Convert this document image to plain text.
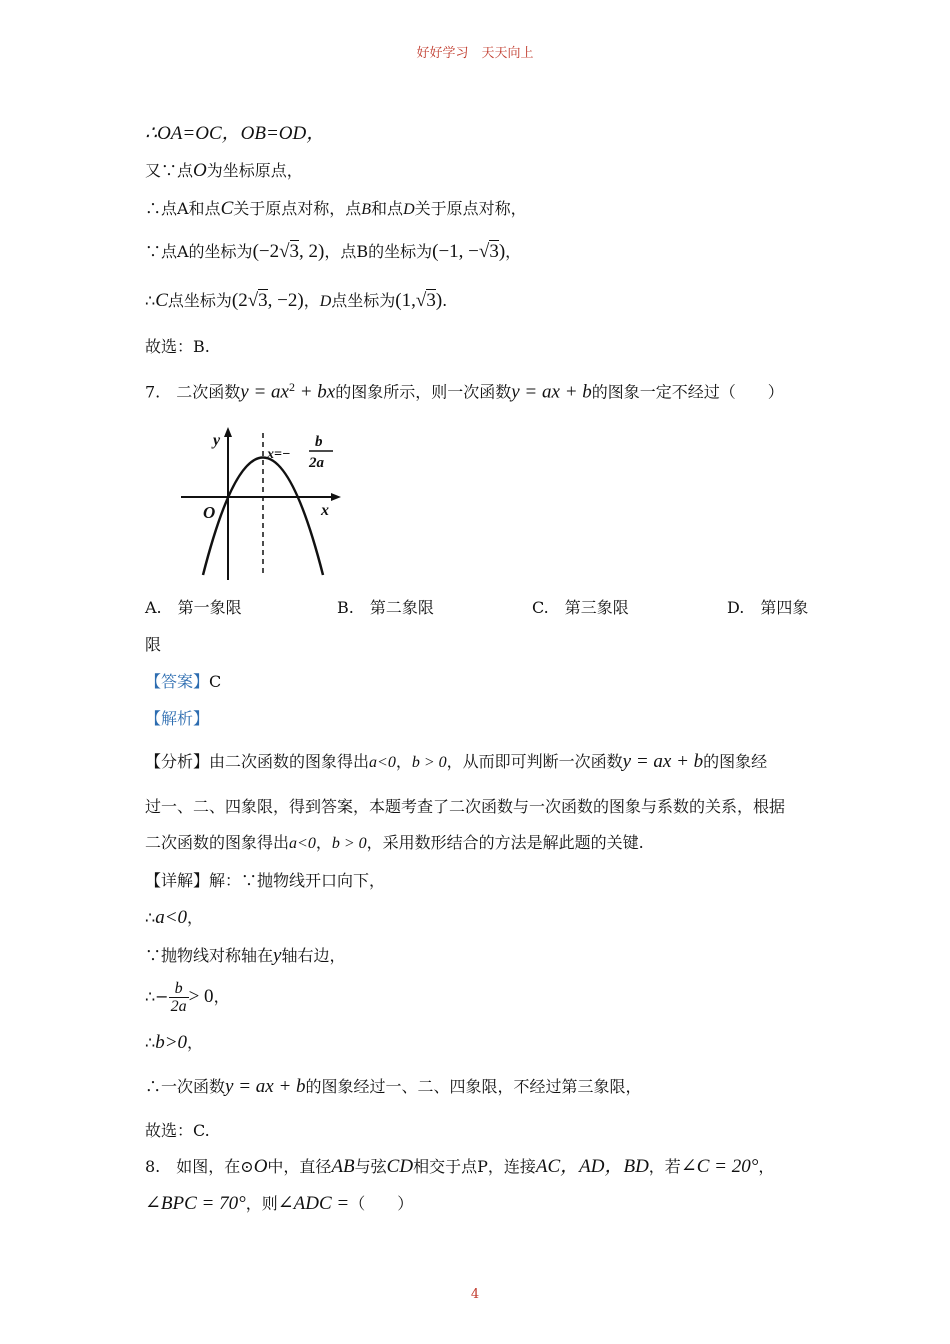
好好学习　天天向上
∴OA=OC，OB=OD，
又∵点O为坐标原点，
∴点A和点C关于原点对称，点B和点D关于原点对称，
∵点A的坐标为(−2√3, 2)，点B的坐标为(−1, −√3)，
∴C点坐标为(2√3, −2)，D点坐标为(1,√3).
故选：B.
7.　二次函数$y = ax^2$ + bx的图象所示，则一次函数y = ax + b的图象一定不经过（　　）
y
x
O
x=−
b
2a
A.　第一象限	B.　第二象限	C.　第三象限	D.　第四象
限
【答案】C
【解析】
【分析】由二次函数的图象得出a<0，b > 0，从而即可判断一次函数y = ax + b的图象经
过一、二、四象限，得到答案，本题考查了二次函数与一次函数的图象与系数的关系，根据
二次函数的图象得出a<0，b > 0，采用数形结合的方法是解此题的关键.
【详解】解：∵抛物线开口向下，
∴a<0，
∵抛物线对称轴在y轴右边，
∴− $\frac{b}{2a} > 0$，
∴b>0，
∴一次函数y = ax + b的图象经过一、二、四象限，不经过第三象限，
故选：C.
8.　如图，在⊙O中，直径AB与弦CD相交于点P，连接AC，AD，BD，若∠C = 20°，
∠BPC = 70°，则∠ADC =（　　）
4
